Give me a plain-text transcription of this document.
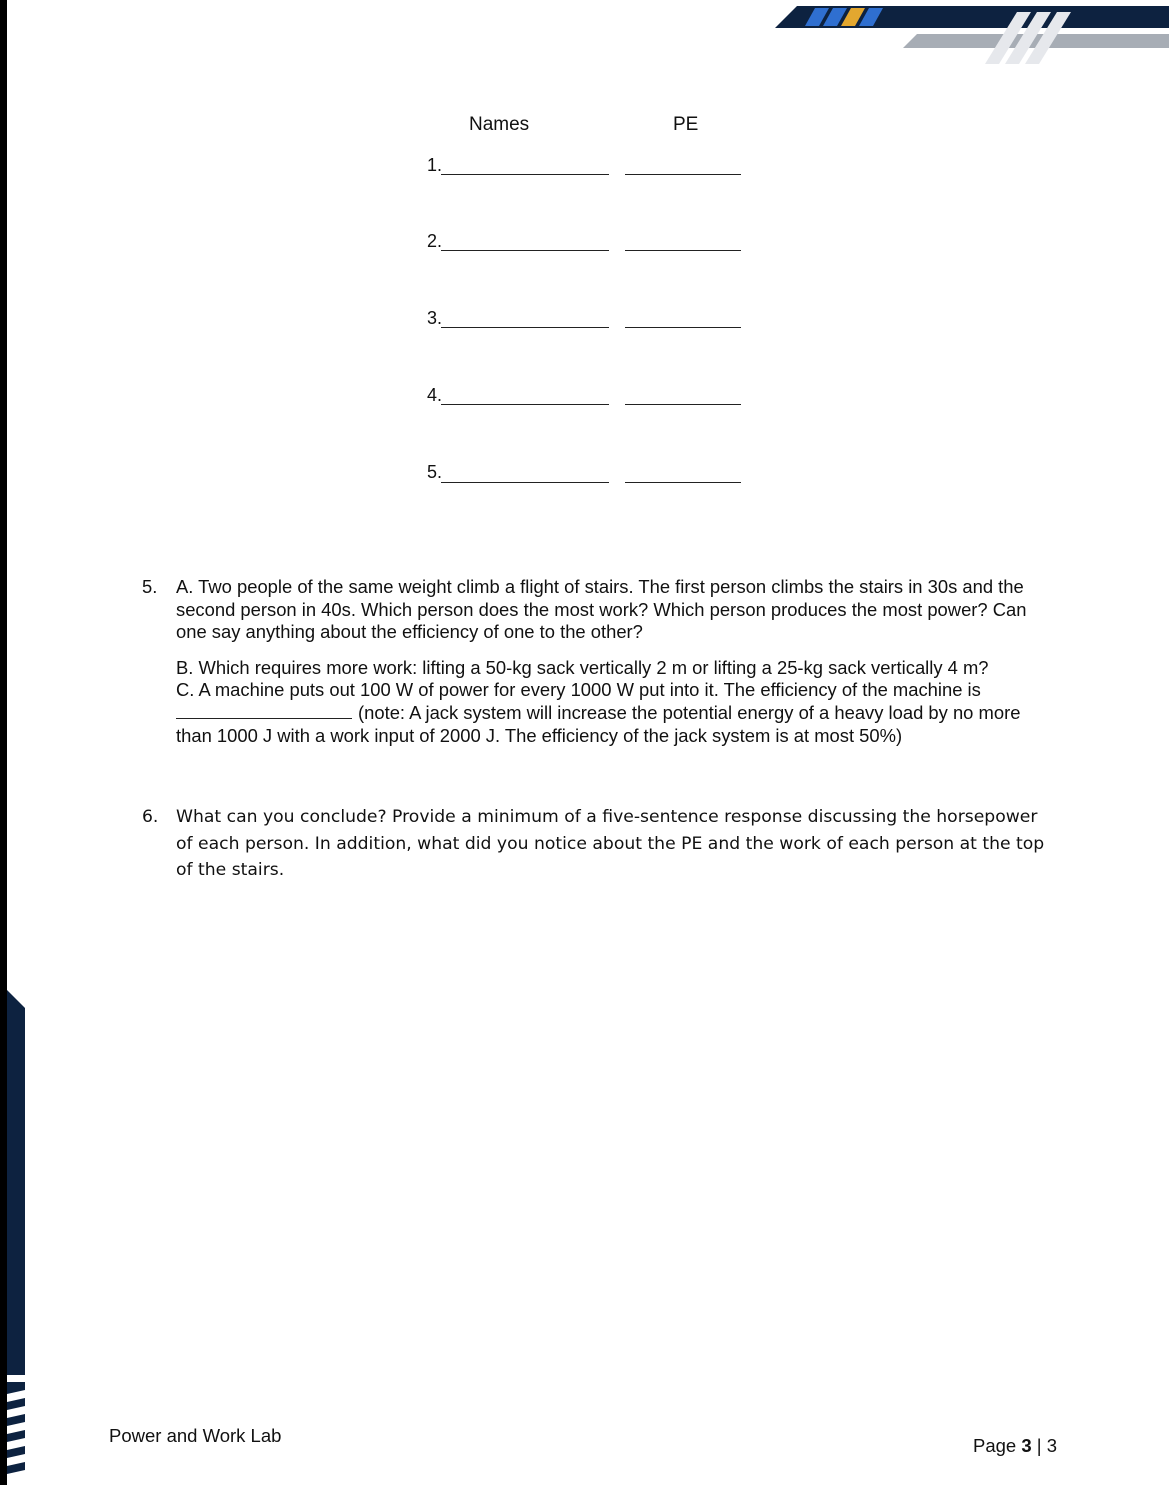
Names	PE
1.
2.
3.
4.
5.
5. A. Two people of the same weight climb a flight of stairs. The first person climbs the stairs in 30s and the second person in 40s. Which person does the most work? Which person produces the most power? Can one say anything about the efficiency of one to the other?

B. Which requires more work: lifting a 50-kg sack vertically 2 m or lifting a 25-kg sack vertically 4 m?

C. A machine puts out 100 W of power for every 1000 W put into it. The efficiency of the machine is

(note: A jack system will increase the potential energy of a heavy load by no more than 1000 J with a work input of 2000 J. The efficiency of the jack system is at most 50%)

6. What can you conclude? Provide a minimum of a five-sentence response discussing the horsepower of each person. In addition, what did you notice about the PE and the work of each person at the top of the stairs.

Power and Work Lab	Page 3 | 3
